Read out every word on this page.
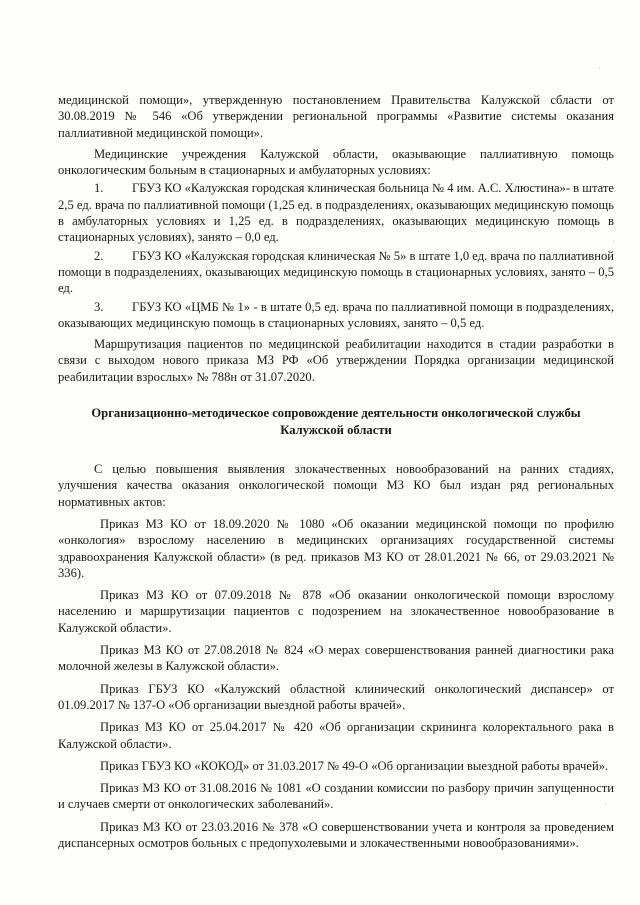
медицинской помощи», утвержденную постановлением Правительства Калужской сбласти от 30.08.2019 № 546 «Об утверждении региональной программы «Развитие системы оказания паллиативной медицинской помощи».

Медицинские учреждения Калужской области, оказывающие паллиативную помощь онкологическим больным в стационарных и амбулаторных условиях:

1. ГБУЗ КО «Калужская городская клиническая больница № 4 им. А.С. Хлюстина»- в штате 2,5 ед. врача по паллиативной помощи (1,25 ед. в подразделениях, оказывающих медицинскую помощь в амбулаторных условиях и 1,25 ед. в подразделениях, оказывающих медицинскую помощь в стационарных условиях), занято – 0,0 ед.

2. ГБУЗ КО «Калужская городская клиническая № 5» в штате 1,0 ед. врача по паллиативной помощи в подразделениях, оказывающих медицинскую помощь в стационарных условиях, занято – 0,5 ед.

3. ГБУЗ КО «ЦМБ № 1» - в штате 0,5 ед. врача по паллиативной помощи в подразделениях, оказывающих медицинскую помощь в стационарных условиях, занято – 0,5 ед.

Маршрутизация пациентов по медицинской реабилитации находится в стадии разработки в связи с выходом нового приказа МЗ РФ «Об утверждении Порядка организации медицинской реабилитации взрослых» № 788н от 31.07.2020.

Организационно-методическое сопровождение деятельности онкологической службы Калужской области

С целью повышения выявления злокачественных новообразований на ранних стадиях, улучшения качества оказания онкологической помощи МЗ КО был издан ряд региональных нормативных актов:

Приказ МЗ КО от 18.09.2020 № 1080 «Об оказании медицинской помощи по профилю «онкология» взрослому населению в медицинских организациях государственной системы здравоохранения Калужской области» (в ред. приказов МЗ КО от 28.01.2021 № 66, от 29.03.2021 № 336).

Приказ МЗ КО от 07.09.2018 № 878 «Об оказании онкологической помощи взрослому населению и маршрутизации пациентов с подозрением на злокачественное новообразование в Калужской области».

Приказ МЗ КО от 27.08.2018 № 824 «О мерах совершенствования ранней диагностики рака молочной железы в Калужской области».

Приказ ГБУЗ КО «Калужский областной клинический онкологический диспансер» от 01.09.2017 № 137-О «Об организации выездной работы врачей».

Приказ МЗ КО от 25.04.2017 № 420 «Об организации скрининга колоректального рака в Калужской области».

Приказ ГБУЗ КО «КОКОД» от 31.03.2017 № 49-О «Об организации выездной работы врачей».

Приказ МЗ КО от 31.08.2016 № 1081 «О создании комиссии по разбору причин запущенности и случаев смерти от онкологических заболеваний».

Приказ МЗ КО от 23.03.2016 № 378 «О совершенствовании учета и контроля за проведением диспансерных осмотров больных с предопухолевыми и злокачественными новообразованиями».

·
·
·
